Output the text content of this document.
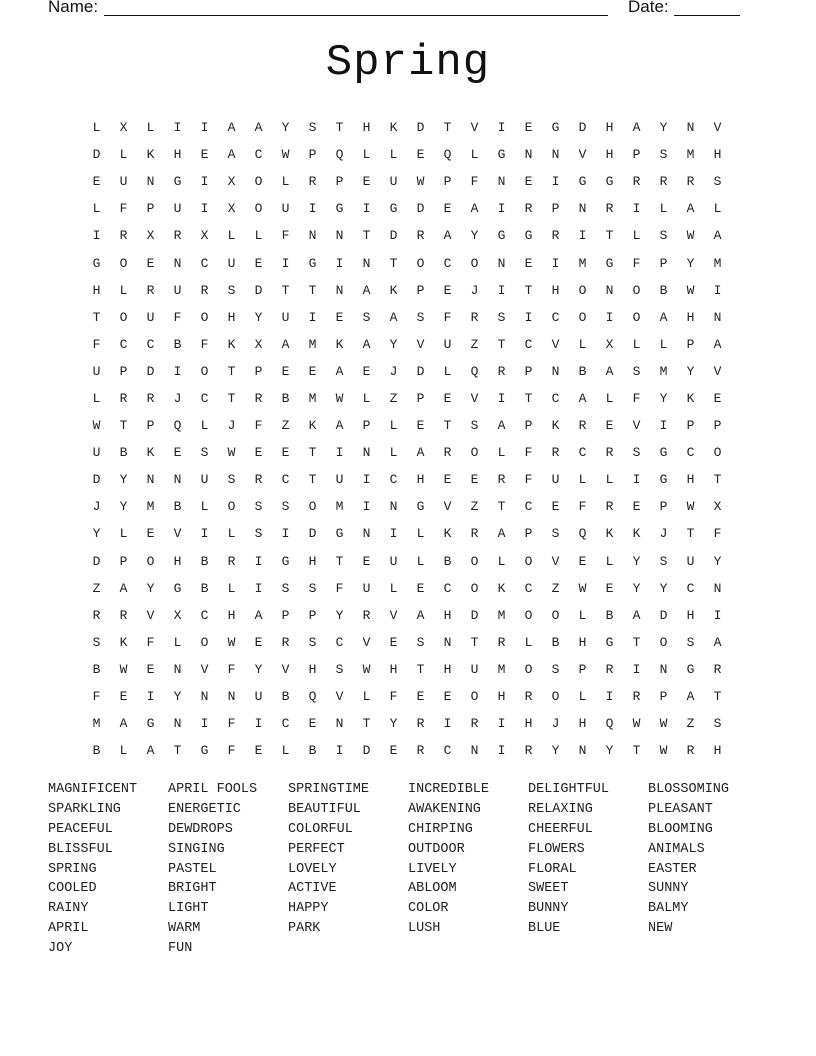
Name:	Date:
Spring
L	X	L	I	I	A	A	Y	S	T	H	K	D	T	V	I	E	G	D	H	A	Y	N	V
D	L	K	H	E	A	C	W	P	Q	L	L	E	Q	L	G	N	N	V	H	P	S	M	H
E	U	N	G	I	X	O	L	R	P	E	U	W	P	F	N	E	I	G	G	R	R	R	S
L	F	P	U	I	X	O	U	I	G	I	G	D	E	A	I	R	P	N	R	I	L	A	L
I	R	X	R	X	L	L	F	N	N	T	D	R	A	Y	G	G	R	I	T	L	S	W	A
G	O	E	N	C	U	E	I	G	I	N	T	O	C	O	N	E	I	M	G	F	P	Y	M
H	L	R	U	R	S	D	T	T	N	A	K	P	E	J	I	T	H	O	N	O	B	W	I
T	O	U	F	O	H	Y	U	I	E	S	A	S	F	R	S	I	C	O	I	O	A	H	N
F	C	C	B	F	K	X	A	M	K	A	Y	V	U	Z	T	C	V	L	X	L	L	P	A
U	P	D	I	O	T	P	E	E	A	E	J	D	L	Q	R	P	N	B	A	S	M	Y	V
L	R	R	J	C	T	R	B	M	W	L	Z	P	E	V	I	T	C	A	L	F	Y	K	E
W	T	P	Q	L	J	F	Z	K	A	P	L	E	T	S	A	P	K	R	E	V	I	P	P
U	B	K	E	S	W	E	E	T	I	N	L	A	R	O	L	F	R	C	R	S	G	C	O
D	Y	N	N	U	S	R	C	T	U	I	C	H	E	E	R	F	U	L	L	I	G	H	T
J	Y	M	B	L	O	S	S	O	M	I	N	G	V	Z	T	C	E	F	R	E	P	W	X
Y	L	E	V	I	L	S	I	D	G	N	I	L	K	R	A	P	S	Q	K	K	J	T	F
D	P	O	H	B	R	I	G	H	T	E	U	L	B	O	L	O	V	E	L	Y	S	U	Y
Z	A	Y	G	B	L	I	S	S	F	U	L	E	C	O	K	C	Z	W	E	Y	Y	C	N
R	R	V	X	C	H	A	P	P	Y	R	V	A	H	D	M	O	O	L	B	A	D	H	I
S	K	F	L	O	W	E	R	S	C	V	E	S	N	T	R	L	B	H	G	T	O	S	A
B	W	E	N	V	F	Y	V	H	S	W	H	T	H	U	M	O	S	P	R	I	N	G	R
F	E	I	Y	N	N	U	B	Q	V	L	F	E	E	O	H	R	O	L	I	R	P	A	T
M	A	G	N	I	F	I	C	E	N	T	Y	R	I	R	I	H	J	H	Q	W	W	Z	S
B	L	A	T	G	F	E	L	B	I	D	E	R	C	N	I	R	Y	N	Y	T	W	R	H
MAGNIFICENT	APRIL FOOLS	SPRINGTIME	INCREDIBLE	DELIGHTFUL	BLOSSOMING
SPARKLING	ENERGETIC	BEAUTIFUL	AWAKENING	RELAXING	PLEASANT
PEACEFUL	DEWDROPS	COLORFUL	CHIRPING	CHEERFUL	BLOOMING
BLISSFUL	SINGING	PERFECT	OUTDOOR	FLOWERS	ANIMALS
SPRING	PASTEL	LOVELY	LIVELY	FLORAL	EASTER
COOLED	BRIGHT	ACTIVE	ABLOOM	SWEET	SUNNY
RAINY	LIGHT	HAPPY	COLOR	BUNNY	BALMY
APRIL	WARM	PARK	LUSH	BLUE	NEW
JOY	FUN
